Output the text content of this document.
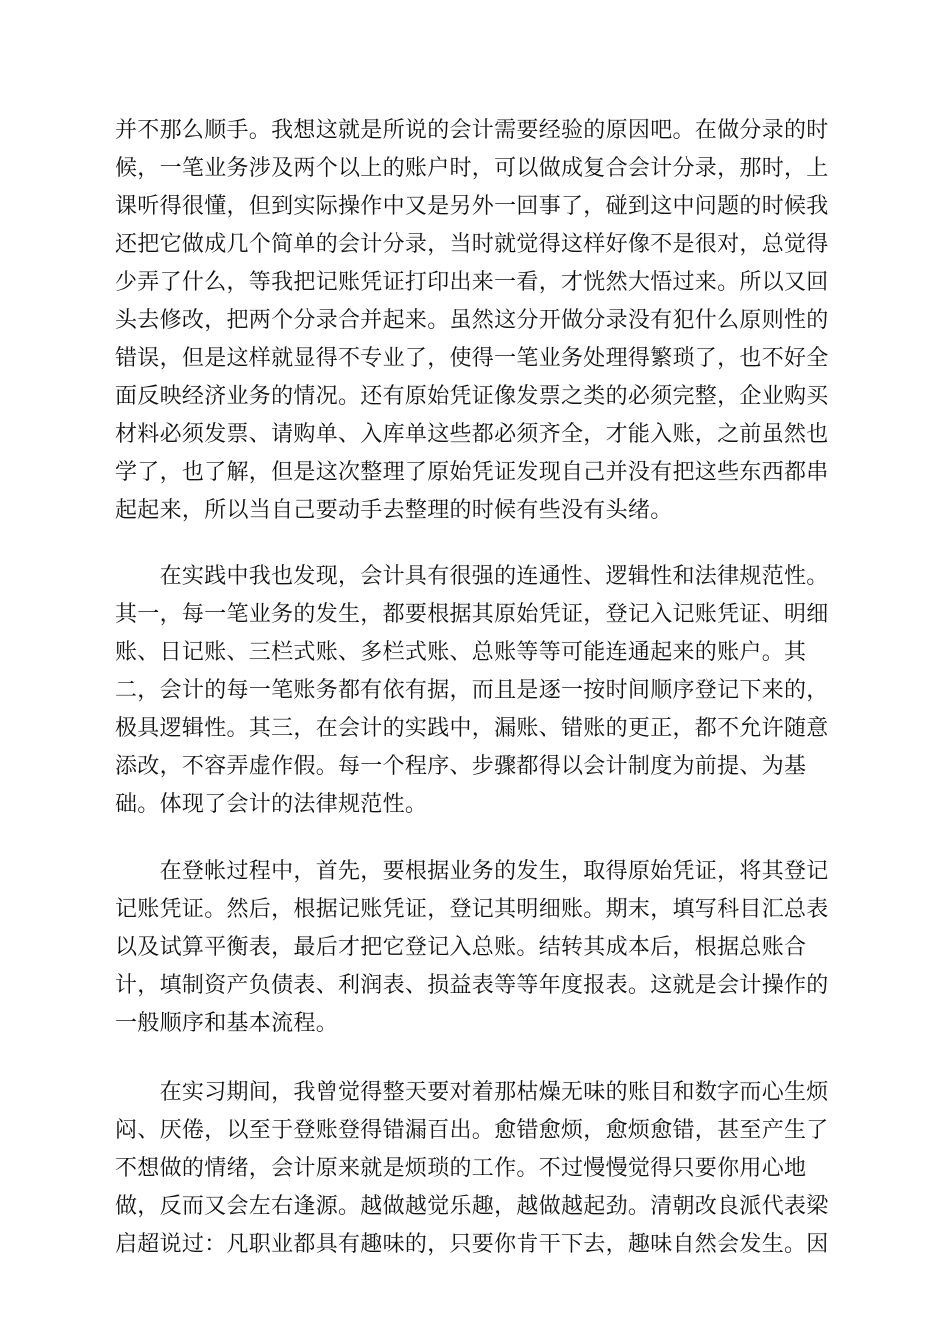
并不那么顺手。我想这就是所说的会计需要经验的原因吧。在做分录的时
候，一笔业务涉及两个以上的账户时，可以做成复合会计分录，那时，上
课听得很懂，但到实际操作中又是另外一回事了，碰到这中问题的时候我
还把它做成几个简单的会计分录，当时就觉得这样好像不是很对，总觉得
少弄了什么，等我把记账凭证打印出来一看，才恍然大悟过来。所以又回
头去修改，把两个分录合并起来。虽然这分开做分录没有犯什么原则性的
错误，但是这样就显得不专业了，使得一笔业务处理得繁琐了，也不好全
面反映经济业务的情况。还有原始凭证像发票之类的必须完整，企业购买
材料必须发票、请购单、入库单这些都必须齐全，才能入账，之前虽然也
学了，也了解，但是这次整理了原始凭证发现自己并没有把这些东西都串
起起来，所以当自己要动手去整理的时候有些没有头绪。
　　在实践中我也发现，会计具有很强的连通性、逻辑性和法律规范性。
其一，每一笔业务的发生，都要根据其原始凭证，登记入记账凭证、明细
账、日记账、三栏式账、多栏式账、总账等等可能连通起来的账户。其
二，会计的每一笔账务都有依有据，而且是逐一按时间顺序登记下来的，
极具逻辑性。其三，在会计的实践中，漏账、错账的更正，都不允许随意
添改，不容弄虚作假。每一个程序、步骤都得以会计制度为前提、为基
础。体现了会计的法律规范性。
　　在登帐过程中，首先，要根据业务的发生，取得原始凭证，将其登记
记账凭证。然后，根据记账凭证，登记其明细账。期末，填写科目汇总表
以及试算平衡表，最后才把它登记入总账。结转其成本后，根据总账合
计，填制资产负债表、利润表、损益表等等年度报表。这就是会计操作的
一般顺序和基本流程。
　　在实习期间，我曾觉得整天要对着那枯燥无味的账目和数字而心生烦
闷、厌倦，以至于登账登得错漏百出。愈错愈烦，愈烦愈错，甚至产生了
不想做的情绪，会计原来就是烦琐的工作。不过慢慢觉得只要你用心地
做，反而又会左右逢源。越做越觉乐趣，越做越起劲。清朝改良派代表梁
启超说过：凡职业都具有趣味的，只要你肯干下去，趣味自然会发生。因
